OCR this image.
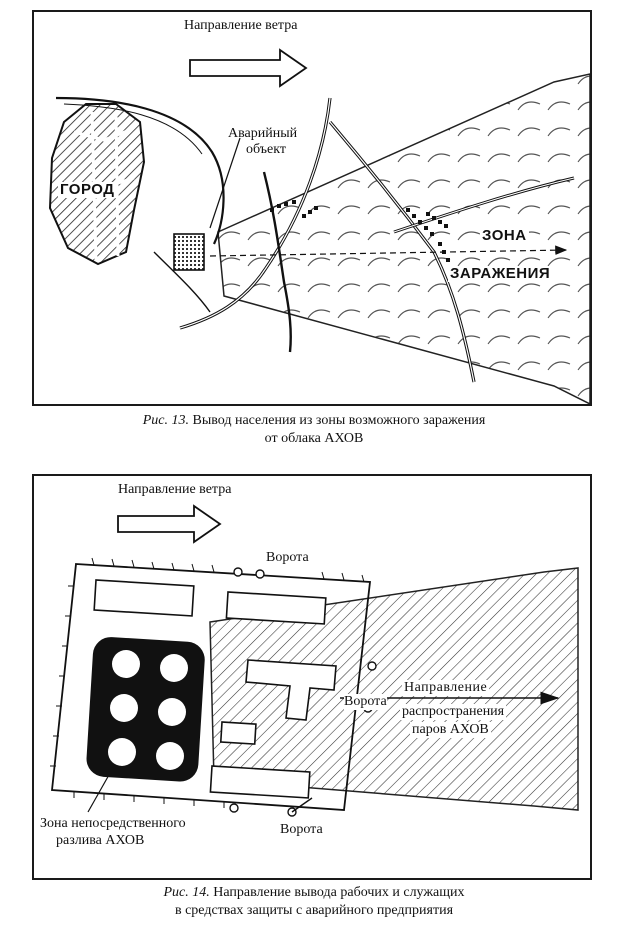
Направление ветра
ГОРОД
Аварийный
объект
ЗОНА
ЗАРАЖЕНИЯ
Рис. 13. Вывод населения из зоны возможного заражения
от облака АХОВ
Направление ветра
Ворота
Ворота
Ворота
Зона непосредственного
разлива АХОВ
Направление
распространения
паров АХОВ
Рис. 14. Направление вывода рабочих и служащих
в средствах защиты с аварийного предприятия
